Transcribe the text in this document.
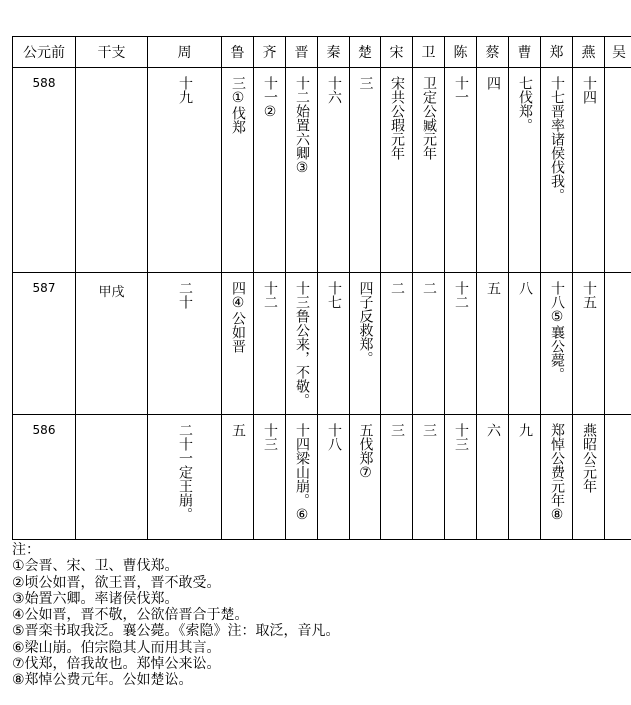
公元前	干支	周	鲁	齐	晋	秦	楚	宋	卫	陈	蔡	曹	郑	燕	吴
588		十九	三①伐郑	十一②	十二始置六卿③	十六	三	宋共公瑕元年	卫定公臧元年	十一	四	七伐郑。	十七晋率诸侯伐我。	十四	
587	甲戌	二十	四④公如晋	十二	十三鲁公来，不敬。	十七	四子反救郑。	二	二	十二	五	八	十八⑤襄公薨。	十五	
586		二十一定王崩。	五	十三	十四梁山崩。⑥	十八	五伐郑⑦	三	三	十三	六	九	郑悼公费元年⑧	燕昭公元年	
注：
①会晋、宋、卫、曹伐郑。
②顷公如晋，欲王晋，晋不敢受。
③始置六卿。率诸侯伐郑。
④公如晋，晋不敬，公欲倍晋合于楚。
⑤晋栾书取我泛。襄公薨。《索隐》注：取泛，音凡。
⑥梁山崩。伯宗隐其人而用其言。
⑦伐郑，倍我故也。郑悼公来讼。
⑧郑悼公费元年。公如楚讼。
